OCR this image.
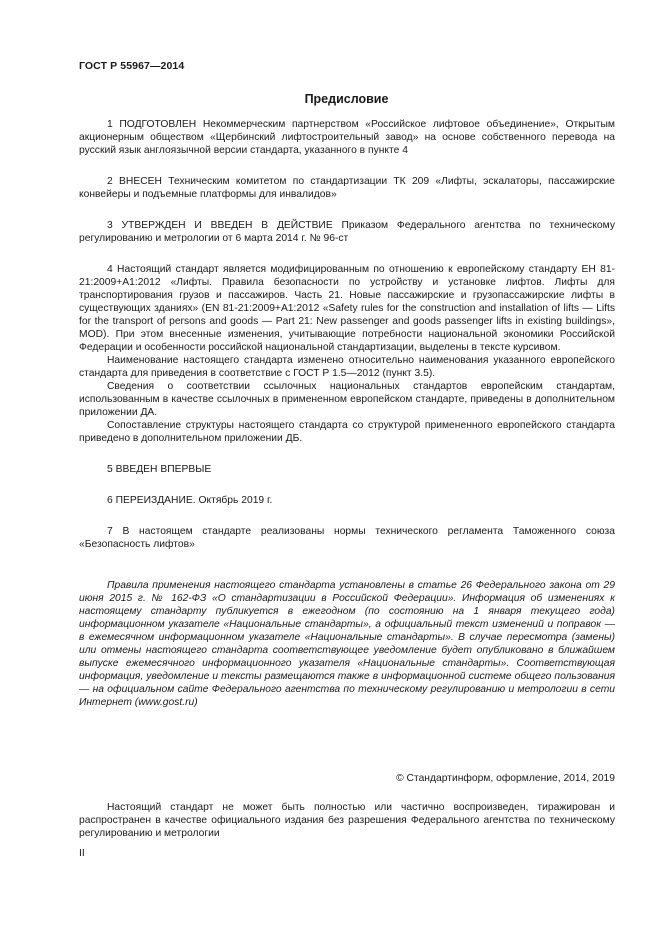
ГОСТ Р 55967—2014
Предисловие

1 ПОДГОТОВЛЕН Некоммерческим партнерством «Российское лифтовое объединение», Открытым акционерным обществом «Щербинский лифтостроительный завод» на основе собственного перевода на русский язык англоязычной версии стандарта, указанного в пункте 4

2 ВНЕСЕН Техническим комитетом по стандартизации ТК 209 «Лифты, эскалаторы, пассажирские конвейеры и подъемные платформы для инвалидов»

3 УТВЕРЖДЕН И ВВЕДЕН В ДЕЙСТВИЕ Приказом Федерального агентства по техническому регулированию и метрологии от 6 марта 2014 г. № 96-ст

4 Настоящий стандарт является модифицированным по отношению к европейскому стандарту ЕН 81-21:2009+А1:2012 «Лифты. Правила безопасности по устройству и установке лифтов. Лифты для транспортирования грузов и пассажиров. Часть 21. Новые пассажирские и грузопассажирские лифты в существующих зданиях» (EN 81-21:2009+А1:2012 «Safety rules for the construction and installation of lifts — Lifts for the transport of persons and goods — Part 21: New passenger and goods passenger lifts in existing buildings», MOD). При этом внесенные изменения, учитывающие потребности национальной экономики Российской Федерации и особенности российской национальной стандартизации, выделены в тексте курсивом.

Наименование настоящего стандарта изменено относительно наименования указанного европейского стандарта для приведения в соответствие с ГОСТ Р 1.5—2012 (пункт 3.5).

Сведения о соответствии ссылочных национальных стандартов европейским стандартам, использованным в качестве ссылочных в примененном европейском стандарте, приведены в дополнительном приложении ДА.

Сопоставление структуры настоящего стандарта со структурой примененного европейского стандарта приведено в дополнительном приложении ДБ.

5 ВВЕДЕН ВПЕРВЫЕ

6 ПЕРЕИЗДАНИЕ. Октябрь 2019 г.

7 В настоящем стандарте реализованы нормы технического регламента Таможенного союза «Безопасность лифтов»

Правила применения настоящего стандарта установлены в статье 26 Федерального закона от 29 июня 2015 г. № 162-ФЗ «О стандартизации в Российской Федерации». Информация об изменениях к настоящему стандарту публикуется в ежегодном (по состоянию на 1 января текущего года) информационном указателе «Национальные стандарты», а официальный текст изменений и поправок — в ежемесячном информационном указателе «Национальные стандарты». В случае пересмотра (замены) или отмены настоящего стандарта соответствующее уведомление будет опубликовано в ближайшем выпуске ежемесячного информационного указателя «Национальные стандарты». Соответствующая информация, уведомление и тексты размещаются также в информационной системе общего пользования — на официальном сайте Федерального агентства по техническому регулированию и метрологии в сети Интернет (www.gost.ru)

© Стандартинформ, оформление, 2014, 2019

Настоящий стандарт не может быть полностью или частично воспроизведен, тиражирован и распространен в качестве официального издания без разрешения Федерального агентства по техническому регулированию и метрологии

II
